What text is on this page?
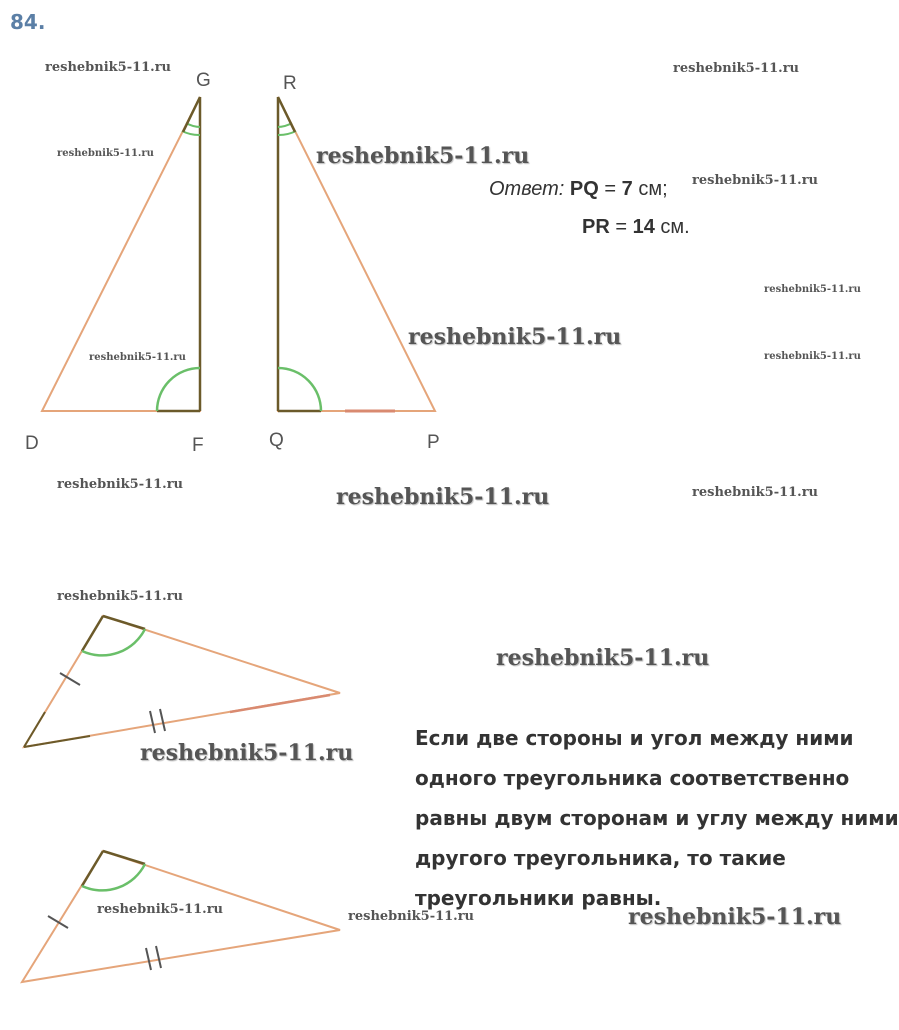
G
D	F
R
Q	P
84.
Ответ: PQ = 7 см;
PR = 14 см.
Если две стороны и угол между ними
одного треугольника соответственно
равны двум сторонам и углу между ними
другого треугольника, то такие
треугольники равны.
reshebnik5-11.ru	reshebnik5-11.ru
reshebnik5-11.ru	reshebnik5-11.ru
reshebnik5-11.ru
reshebnik5-11.ru
reshebnik5-11.ru
reshebnik5-11.ru	reshebnik5-11.ru
reshebnik5-11.ru	reshebnik5-11.ru	reshebnik5-11.ru
reshebnik5-11.ru
reshebnik5-11.ru
reshebnik5-11.ru
reshebnik5-11.ru	reshebnik5-11.ru	reshebnik5-11.ru
